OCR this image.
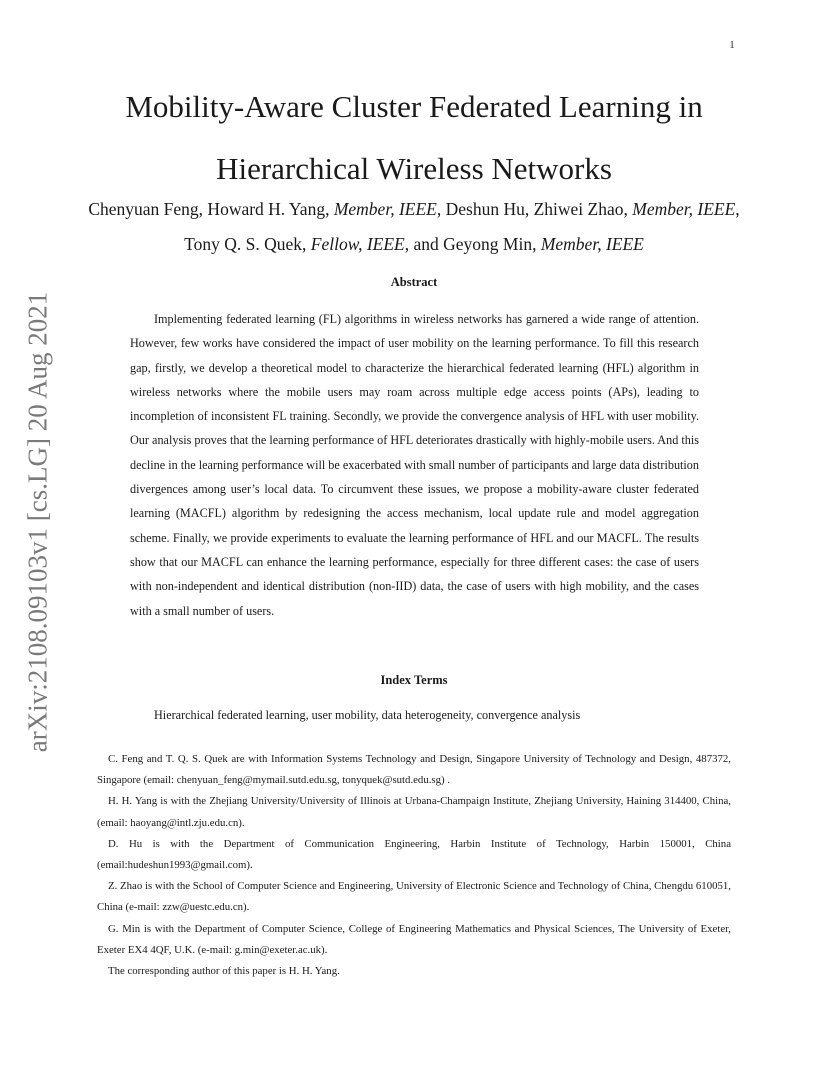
1
arXiv:2108.09103v1 [cs.LG] 20 Aug 2021
Mobility-Aware Cluster Federated Learning in Hierarchical Wireless Networks

Chenyuan Feng, Howard H. Yang, Member, IEEE, Deshun Hu, Zhiwei Zhao, Member, IEEE, Tony Q. S. Quek, Fellow, IEEE, and Geyong Min, Member, IEEE

Abstract

Implementing federated learning (FL) algorithms in wireless networks has garnered a wide range of attention. However, few works have considered the impact of user mobility on the learning performance. To fill this research gap, firstly, we develop a theoretical model to characterize the hierarchical federated learning (HFL) algorithm in wireless networks where the mobile users may roam across multiple edge access points (APs), leading to incompletion of inconsistent FL training. Secondly, we provide the convergence analysis of HFL with user mobility. Our analysis proves that the learning performance of HFL deteriorates drastically with highly-mobile users. And this decline in the learning performance will be exacerbated with small number of participants and large data distribution divergences among user’s local data. To circumvent these issues, we propose a mobility-aware cluster federated learning (MACFL) algorithm by redesigning the access mechanism, local update rule and model aggregation scheme. Finally, we provide experiments to evaluate the learning performance of HFL and our MACFL. The results show that our MACFL can enhance the learning performance, especially for three different cases: the case of users with non-independent and identical distribution (non-IID) data, the case of users with high mobility, and the cases with a small number of users.

Index Terms

Hierarchical federated learning, user mobility, data heterogeneity, convergence analysis

C. Feng and T. Q. S. Quek are with Information Systems Technology and Design, Singapore University of Technology and Design, 487372, Singapore (email: chenyuan_feng@mymail.sutd.edu.sg, tonyquek@sutd.edu.sg) .

H. H. Yang is with the Zhejiang University/University of Illinois at Urbana-Champaign Institute, Zhejiang University, Haining 314400, China, (email: haoyang@intl.zju.edu.cn).

D. Hu is with the Department of Communication Engineering, Harbin Institute of Technology, Harbin 150001, China (email:hudeshun1993@gmail.com).

Z. Zhao is with the School of Computer Science and Engineering, University of Electronic Science and Technology of China, Chengdu 610051, China (e-mail: zzw@uestc.edu.cn).

G. Min is with the Department of Computer Science, College of Engineering Mathematics and Physical Sciences, The University of Exeter, Exeter EX4 4QF, U.K. (e-mail: g.min@exeter.ac.uk).

The corresponding author of this paper is H. H. Yang.
